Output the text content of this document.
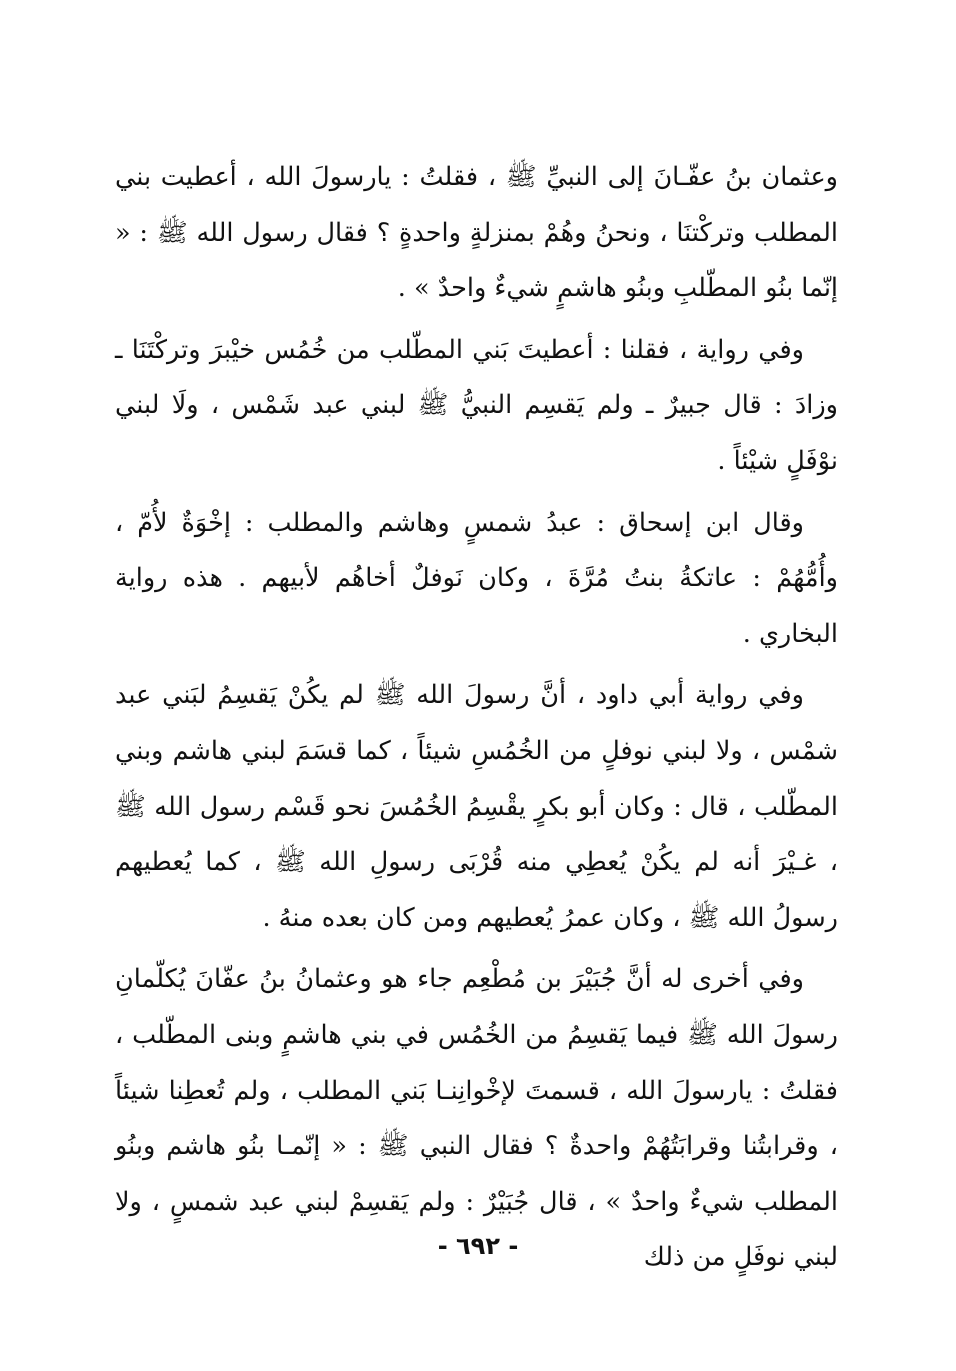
وعثمان بنُ عفّـانَ إلى النبيِّ ﷺ ، فقلتُ : يارسولَ الله ، أعطيت بني المطلب وتركْتنَا ، ونحنُ وهُمْ بمنزلةٍ واحدةٍ ؟ فقال رسول الله ﷺ : « إنّما بنُو المطّلبِ وبنُو هاشمٍ شيءٌ واحدٌ » .

وفي رواية ، فقلنا : أعطيتَ بَني المطّلب من خُمُس خيْبرَ وتركْتَنَا ـ وزادَ : قال جبيرٌ ـ ولم يَقسِم النبيُّ ﷺ لبني عبد شَمْس ، ولَا لبني نوْفَلٍ شيْئاً .

وقال ابن إسحاق : عبدُ شمسٍ وهاشم والمطلب : إخْوَةٌ لأُمّ ، وأُمُّهُمْ : عاتكةُ بنتُ مُرَّةَ ، وكان نَوفلٌ أخاهُم لأبيهم . هذه رواية البخاري .

وفي رواية أبي داود ، أنَّ رسولَ الله ﷺ لم يكُنْ يَقسِمُ لبَني عبد شمْس ، ولا لبني نوفلٍ من الخُمُسِ شيئاً ، كما قسَمَ لبني هاشم وبني المطّلب ، قال : وكان أبو بكرٍ يقْسِمُ الخُمُسَ نحو قَسْم رسول الله ﷺ ، غـيْرَ أنه لم يكُنْ يُعطِي منه قُرْبَى رسولِ الله ﷺ ، كما يُعطيهم رسولُ الله ﷺ ، وكان عمرُ يُعطيهم ومن كان بعده منهُ .

وفي أخرى له أنَّ جُبَيْرَ بن مُطْعِم جاء هو وعثمانُ بنُ عفّانَ يُكلّمانِ رسولَ الله ﷺ فيما يَقسِمُ من الخُمُس في بني هاشمٍ وبنى المطّلب ، فقلتُ : يارسولَ الله ، قسمتَ لإخْوانِنـا بَني المطلب ، ولم تُعطِنا شيئاً ، وقرابتُنا وقرابَتُهُمْ واحدةٌ ؟ فقال النبي ﷺ : « إنّمـا بنُو هاشم وبنُو المطلب شيءٌ واحدٌ » ، قال جُبَيْرٌ : ولم يَقسِمْ لبني عبد شمسٍ ، ولا لبني نوفَلٍ من ذلك

- ٦٩٢ -
